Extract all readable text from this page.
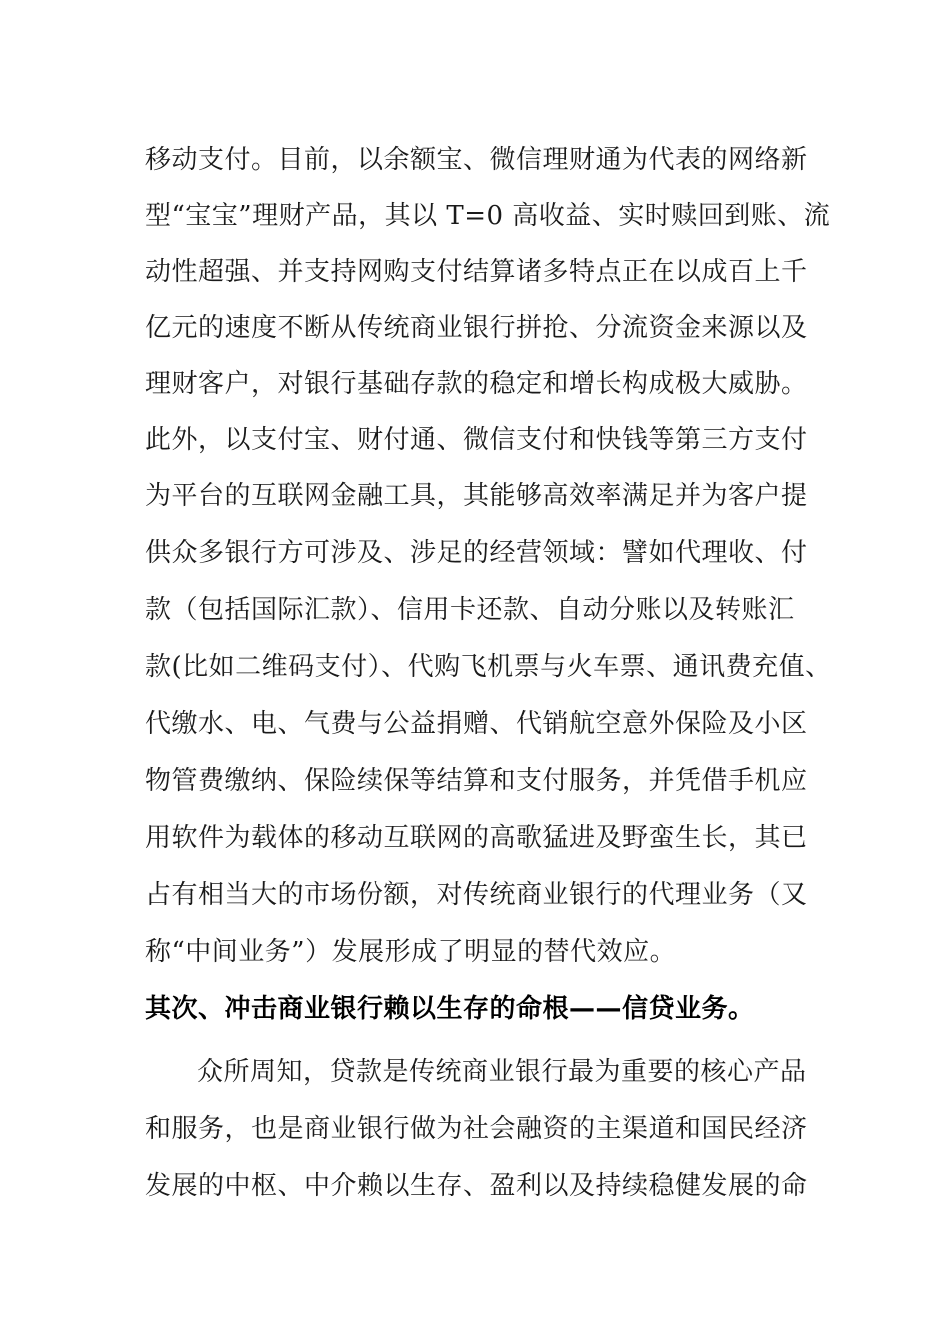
移动支付。目前，以余额宝、微信理财通为代表的网络新
型“宝宝”理财产品，其以 T=0 高收益、实时赎回到账、流
动性超强、并支持网购支付结算诸多特点正在以成百上千
亿元的速度不断从传统商业银行拼抢、分流资金来源以及
理财客户，对银行基础存款的稳定和增长构成极大威胁。
此外，以支付宝、财付通、微信支付和快钱等第三方支付
为平台的互联网金融工具，其能够高效率满足并为客户提
供众多银行方可涉及、涉足的经营领域：譬如代理收、付
款（包括国际汇款）、信用卡还款、自动分账以及转账汇
款(比如二维码支付）、代购飞机票与火车票、通讯费充值、
代缴水、电、气费与公益捐赠、代销航空意外保险及小区
物管费缴纳、保险续保等结算和支付服务，并凭借手机应
用软件为载体的移动互联网的高歌猛进及野蛮生长，其已
占有相当大的市场份额，对传统商业银行的代理业务（又
称“中间业务”）发展形成了明显的替代效应。
其次、冲击商业银行赖以生存的命根——信贷业务。
众所周知，贷款是传统商业银行最为重要的核心产品
和服务，也是商业银行做为社会融资的主渠道和国民经济
发展的中枢、中介赖以生存、盈利以及持续稳健发展的命
